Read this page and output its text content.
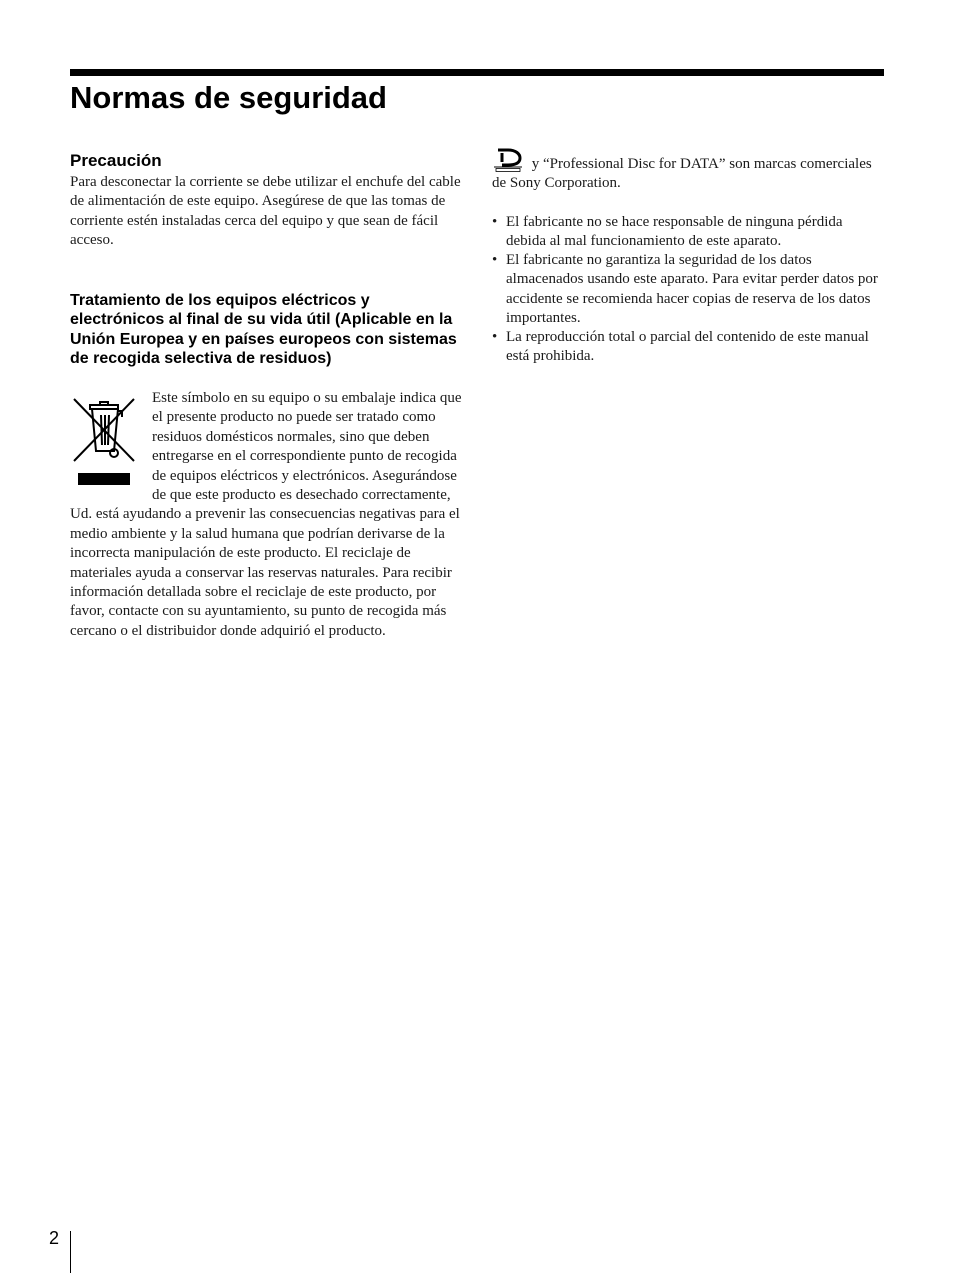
Normas de seguridad
Precaución

Para desconectar la corriente se debe utilizar el enchufe del cable de alimentación de este equipo. Asegúrese de que las tomas de corriente estén instaladas cerca del equipo y que sean de fácil acceso.

Tratamiento de los equipos eléctricos y electrónicos al final de su vida útil (Aplicable en la Unión Europea y en países europeos con sistemas de recogida selectiva de residuos)

Este símbolo en su equipo o su embalaje indica que el presente producto no puede ser tratado como residuos domésticos normales, sino que deben entregarse en el correspondiente punto de recogida de equipos eléctricos y electrónicos. Asegurándose de que este producto es desechado correctamente, Ud. está ayudando a prevenir las consecuencias negativas para el medio ambiente y la salud humana que podrían derivarse de la incorrecta manipulación de este producto. El reciclaje de materiales ayuda a conservar las reservas naturales. Para recibir información detallada sobre el reciclaje de este producto, por favor, contacte con su ayuntamiento, su punto de recogida más cercano o el distribuidor donde adquirió el producto.

y “Professional Disc for DATA” son marcas comerciales de Sony Corporation.

• El fabricante no se hace responsable de ninguna pérdida debida al mal funcionamiento de este aparato.
• El fabricante no garantiza la seguridad de los datos almacenados usando este aparato. Para evitar perder datos por accidente se recomienda hacer copias de reserva de los datos importantes.
• La reproducción total o parcial del contenido de este manual está prohibida.
2
